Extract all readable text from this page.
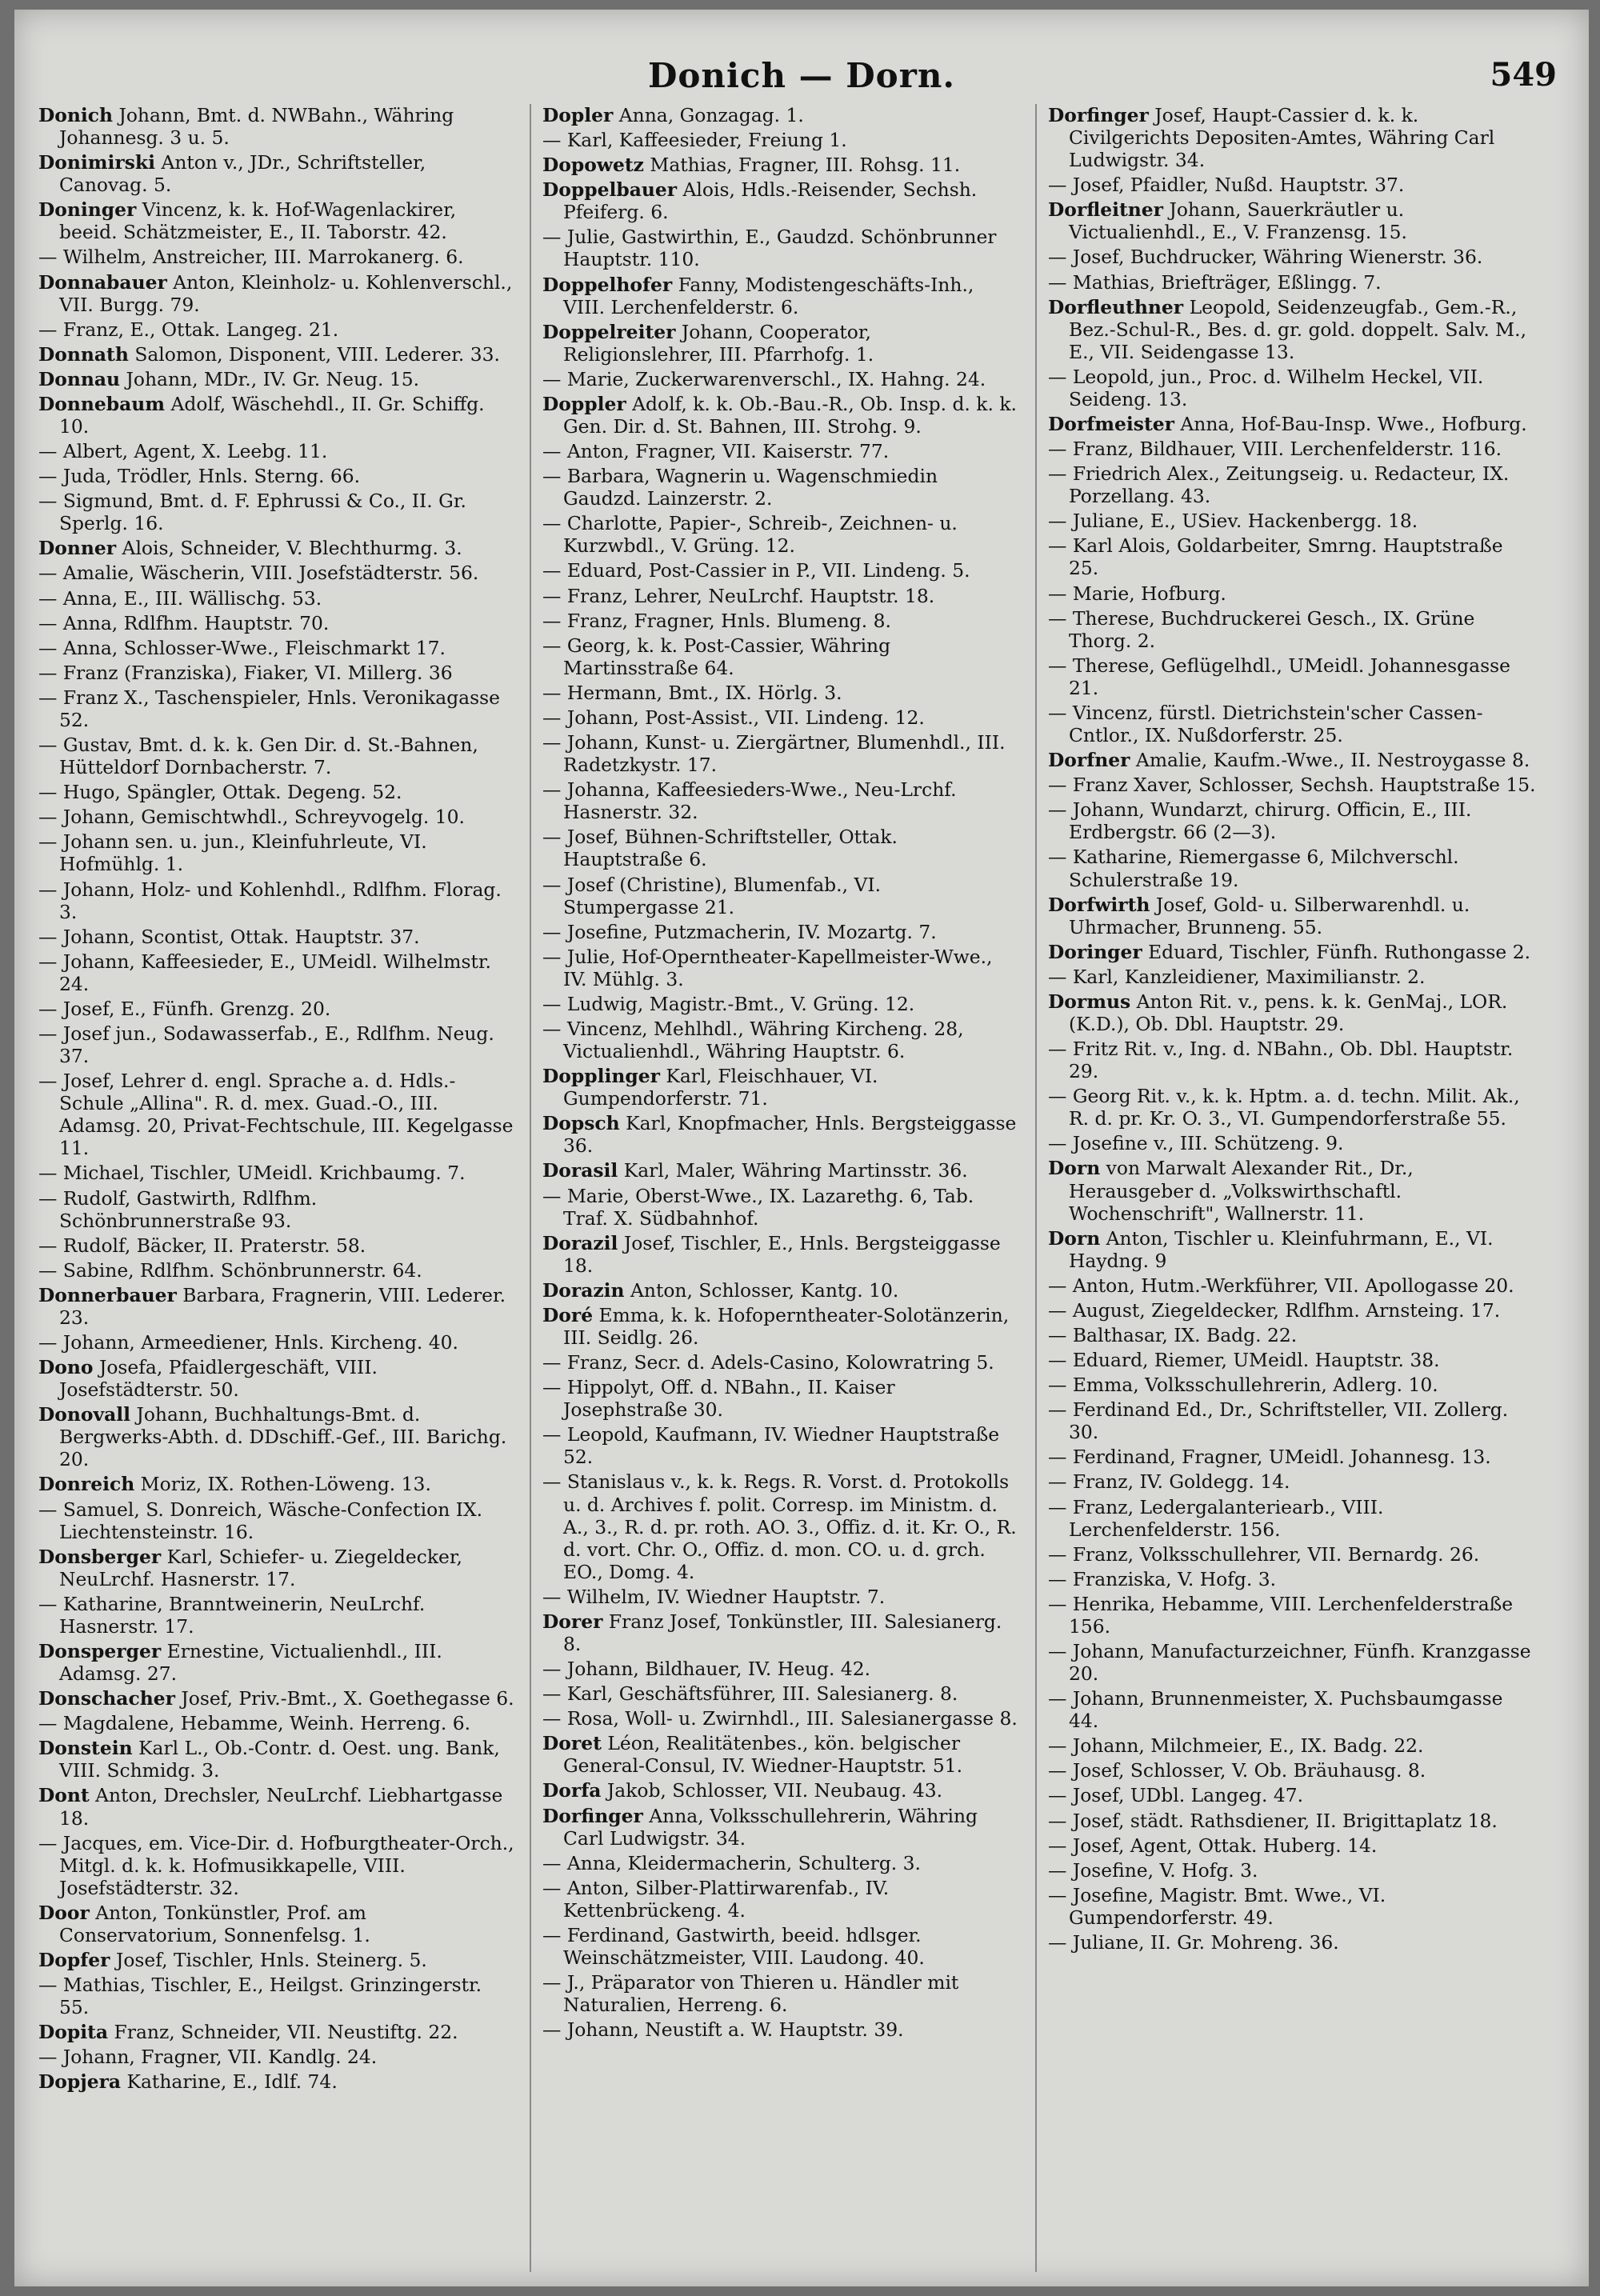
Donich — Dorn.	549
Donich Johann, Bmt. d. NWBahn., Währing Johannesg. 3 u. 5.
Donimirski Anton v., JDr., Schriftsteller, Canovag. 5.
Doninger Vincenz, k. k. Hof-Wagenlackirer, beeid. Schätzmeister, E., II. Taborstr. 42.
— Wilhelm, Anstreicher, III. Marrokanerg. 6.
Donnabauer Anton, Kleinholz- u. Kohlenverschl., VII. Burgg. 79.
— Franz, E., Ottak. Langeg. 21.
Donnath Salomon, Disponent, VIII. Lederer. 33.
Donnau Johann, MDr., IV. Gr. Neug. 15.
Donnebaum Adolf, Wäschehdl., II. Gr. Schiffg. 10.
— Albert, Agent, X. Leebg. 11.
— Juda, Trödler, Hnls. Sterng. 66.
— Sigmund, Bmt. d. F. Ephrussi & Co., II. Gr. Sperlg. 16.
Donner Alois, Schneider, V. Blechthurmg. 3.
— Amalie, Wäscherin, VIII. Josefstädterstr. 56.
— Anna, E., III. Wällischg. 53.
— Anna, Rdlfhm. Hauptstr. 70.
— Anna, Schlosser-Wwe., Fleischmarkt 17.
— Franz (Franziska), Fiaker, VI. Millerg. 36
— Franz X., Taschenspieler, Hnls. Veronikagasse 52.
— Gustav, Bmt. d. k. k. Gen Dir. d. St.-Bahnen, Hütteldorf Dornbacherstr. 7.
— Hugo, Spängler, Ottak. Degeng. 52.
— Johann, Gemischtwhdl., Schreyvogelg. 10.
— Johann sen. u. jun., Kleinfuhrleute, VI. Hofmühlg. 1.
— Johann, Holz- und Kohlenhdl., Rdlfhm. Florag. 3.
— Johann, Scontist, Ottak. Hauptstr. 37.
— Johann, Kaffeesieder, E., UMeidl. Wilhelmstr. 24.
— Josef, E., Fünfh. Grenzg. 20.
— Josef jun., Sodawasserfab., E., Rdlfhm. Neug. 37.
— Josef, Lehrer d. engl. Sprache a. d. Hdls.-Schule „Allina". R. d. mex. Guad.-O., III. Adamsg. 20, Privat-Fechtschule, III. Kegelgasse 11.
— Michael, Tischler, UMeidl. Krichbaumg. 7.
— Rudolf, Gastwirth, Rdlfhm. Schönbrunnerstraße 93.
— Rudolf, Bäcker, II. Praterstr. 58.
— Sabine, Rdlfhm. Schönbrunnerstr. 64.
Donnerbauer Barbara, Fragnerin, VIII. Lederer. 23.
— Johann, Armeediener, Hnls. Kircheng. 40.
Dono Josefa, Pfaidlergeschäft, VIII. Josefstädterstr. 50.
Donovall Johann, Buchhaltungs-Bmt. d. Bergwerks-Abth. d. DDschiff.-Gef., III. Barichg. 20.
Donreich Moriz, IX. Rothen-Löweng. 13.
— Samuel, S. Donreich, Wäsche-Confection IX. Liechtensteinstr. 16.
Donsberger Karl, Schiefer- u. Ziegeldecker, NeuLrchf. Hasnerstr. 17.
— Katharine, Branntweinerin, NeuLrchf. Hasnerstr. 17.
Donsperger Ernestine, Victualienhdl., III. Adamsg. 27.
Donschacher Josef, Priv.-Bmt., X. Goethegasse 6.
— Magdalene, Hebamme, Weinh. Herreng. 6.
Donstein Karl L., Ob.-Contr. d. Oest. ung. Bank, VIII. Schmidg. 3.
Dont Anton, Drechsler, NeuLrchf. Liebhartgasse 18.
— Jacques, em. Vice-Dir. d. Hofburgtheater-Orch., Mitgl. d. k. k. Hofmusikkapelle, VIII. Josefstädterstr. 32.
Door Anton, Tonkünstler, Prof. am Conservatorium, Sonnenfelsg. 1.
Dopfer Josef, Tischler, Hnls. Steinerg. 5.
— Mathias, Tischler, E., Heilgst. Grinzingerstr. 55.
Dopita Franz, Schneider, VII. Neustiftg. 22.
— Johann, Fragner, VII. Kandlg. 24.
Dopjera Katharine, E., Idlf. 74.
Dopler Anna, Gonzagag. 1.
— Karl, Kaffeesieder, Freiung 1.
Dopowetz Mathias, Fragner, III. Rohsg. 11.
Doppelbauer Alois, Hdls.-Reisender, Sechsh. Pfeiferg. 6.
— Julie, Gastwirthin, E., Gaudzd. Schönbrunner Hauptstr. 110.
Doppelhofer Fanny, Modistengeschäfts-Inh., VIII. Lerchenfelderstr. 6.
Doppelreiter Johann, Cooperator, Religionslehrer, III. Pfarrhofg. 1.
— Marie, Zuckerwarenverschl., IX. Hahng. 24.
Doppler Adolf, k. k. Ob.-Bau.-R., Ob. Insp. d. k. k. Gen. Dir. d. St. Bahnen, III. Strohg. 9.
— Anton, Fragner, VII. Kaiserstr. 77.
— Barbara, Wagnerin u. Wagenschmiedin Gaudzd. Lainzerstr. 2.
— Charlotte, Papier-, Schreib-, Zeichnen- u. Kurzwbdl., V. Grüng. 12.
— Eduard, Post-Cassier in P., VII. Lindeng. 5.
— Franz, Lehrer, NeuLrchf. Hauptstr. 18.
— Franz, Fragner, Hnls. Blumeng. 8.
— Georg, k. k. Post-Cassier, Währing Martinsstraße 64.
— Hermann, Bmt., IX. Hörlg. 3.
— Johann, Post-Assist., VII. Lindeng. 12.
— Johann, Kunst- u. Ziergärtner, Blumenhdl., III. Radetzkystr. 17.
— Johanna, Kaffeesieders-Wwe., Neu-Lrchf. Hasnerstr. 32.
— Josef, Bühnen-Schriftsteller, Ottak. Hauptstraße 6.
— Josef (Christine), Blumenfab., VI. Stumpergasse 21.
— Josefine, Putzmacherin, IV. Mozartg. 7.
— Julie, Hof-Operntheater-Kapellmeister-Wwe., IV. Mühlg. 3.
— Ludwig, Magistr.-Bmt., V. Grüng. 12.
— Vincenz, Mehlhdl., Währing Kircheng. 28, Victualienhdl., Währing Hauptstr. 6.
Dopplinger Karl, Fleischhauer, VI. Gumpendorferstr. 71.
Dopsch Karl, Knopfmacher, Hnls. Bergsteiggasse 36.
Dorasil Karl, Maler, Währing Martinsstr. 36.
— Marie, Oberst-Wwe., IX. Lazarethg. 6, Tab. Traf. X. Südbahnhof.
Dorazil Josef, Tischler, E., Hnls. Bergsteiggasse 18.
Dorazin Anton, Schlosser, Kantg. 10.
Doré Emma, k. k. Hofoperntheater-Solotänzerin, III. Seidlg. 26.
— Franz, Secr. d. Adels-Casino, Kolowratring 5.
— Hippolyt, Off. d. NBahn., II. Kaiser Josephstraße 30.
— Leopold, Kaufmann, IV. Wiedner Hauptstraße 52.
— Stanislaus v., k. k. Regs. R. Vorst. d. Protokolls u. d. Archives f. polit. Corresp. im Ministm. d. A., 3., R. d. pr. roth. AO. 3., Offiz. d. it. Kr. O., R. d. vort. Chr. O., Offiz. d. mon. CO. u. d. grch. EO., Domg. 4.
— Wilhelm, IV. Wiedner Hauptstr. 7.
Dorer Franz Josef, Tonkünstler, III. Salesianerg. 8.
— Johann, Bildhauer, IV. Heug. 42.
— Karl, Geschäftsführer, III. Salesianerg. 8.
— Rosa, Woll- u. Zwirnhdl., III. Salesianergasse 8.
Doret Léon, Realitätenbes., kön. belgischer General-Consul, IV. Wiedner-Hauptstr. 51.
Dorfa Jakob, Schlosser, VII. Neubaug. 43.
Dorfinger Anna, Volksschullehrerin, Währing Carl Ludwigstr. 34.
— Anna, Kleidermacherin, Schulterg. 3.
— Anton, Silber-Plattirwarenfab., IV. Kettenbrückeng. 4.
— Ferdinand, Gastwirth, beeid. hdlsger. Weinschätzmeister, VIII. Laudong. 40.
— J., Präparator von Thieren u. Händler mit Naturalien, Herreng. 6.
— Johann, Neustift a. W. Hauptstr. 39.
Dorfinger Josef, Haupt-Cassier d. k. k. Civilgerichts Depositen-Amtes, Währing Carl Ludwigstr. 34.
— Josef, Pfaidler, Nußd. Hauptstr. 37.
Dorfleitner Johann, Sauerkräutler u. Victualienhdl., E., V. Franzensg. 15.
— Josef, Buchdrucker, Währing Wienerstr. 36.
— Mathias, Briefträger, Eßlingg. 7.
Dorfleuthner Leopold, Seidenzeugfab., Gem.-R., Bez.-Schul-R., Bes. d. gr. gold. doppelt. Salv. M., E., VII. Seidengasse 13.
— Leopold, jun., Proc. d. Wilhelm Heckel, VII. Seideng. 13.
Dorfmeister Anna, Hof-Bau-Insp. Wwe., Hofburg.
— Franz, Bildhauer, VIII. Lerchenfelderstr. 116.
— Friedrich Alex., Zeitungseig. u. Redacteur, IX. Porzellang. 43.
— Juliane, E., USiev. Hackenbergg. 18.
— Karl Alois, Goldarbeiter, Smrng. Hauptstraße 25.
— Marie, Hofburg.
— Therese, Buchdruckerei Gesch., IX. Grüne Thorg. 2.
— Therese, Geflügelhdl., UMeidl. Johannesgasse 21.
— Vincenz, fürstl. Dietrichstein'scher Cassen-Cntlor., IX. Nußdorferstr. 25.
Dorfner Amalie, Kaufm.-Wwe., II. Nestroygasse 8.
— Franz Xaver, Schlosser, Sechsh. Hauptstraße 15.
— Johann, Wundarzt, chirurg. Officin, E., III. Erdbergstr. 66 (2—3).
— Katharine, Riemergasse 6, Milchverschl. Schulerstraße 19.
Dorfwirth Josef, Gold- u. Silberwarenhdl. u. Uhrmacher, Brunneng. 55.
Doringer Eduard, Tischler, Fünfh. Ruthongasse 2.
— Karl, Kanzleidiener, Maximilianstr. 2.
Dormus Anton Rit. v., pens. k. k. GenMaj., LOR. (K.D.), Ob. Dbl. Hauptstr. 29.
— Fritz Rit. v., Ing. d. NBahn., Ob. Dbl. Hauptstr. 29.
— Georg Rit. v., k. k. Hptm. a. d. techn. Milit. Ak., R. d. pr. Kr. O. 3., VI. Gumpendorferstraße 55.
— Josefine v., III. Schützeng. 9.
Dorn von Marwalt Alexander Rit., Dr., Herausgeber d. „Volkswirthschaftl. Wochenschrift", Wallnerstr. 11.
Dorn Anton, Tischler u. Kleinfuhrmann, E., VI. Haydng. 9
— Anton, Hutm.-Werkführer, VII. Apollogasse 20.
— August, Ziegeldecker, Rdlfhm. Arnsteing. 17.
— Balthasar, IX. Badg. 22.
— Eduard, Riemer, UMeidl. Hauptstr. 38.
— Emma, Volksschullehrerin, Adlerg. 10.
— Ferdinand Ed., Dr., Schriftsteller, VII. Zollerg. 30.
— Ferdinand, Fragner, UMeidl. Johannesg. 13.
— Franz, IV. Goldegg. 14.
— Franz, Ledergalanteriearb., VIII. Lerchenfelderstr. 156.
— Franz, Volksschullehrer, VII. Bernardg. 26.
— Franziska, V. Hofg. 3.
— Henrika, Hebamme, VIII. Lerchenfelderstraße 156.
— Johann, Manufacturzeichner, Fünfh. Kranzgasse 20.
— Johann, Brunnenmeister, X. Puchsbaumgasse 44.
— Johann, Milchmeier, E., IX. Badg. 22.
— Josef, Schlosser, V. Ob. Bräuhausg. 8.
— Josef, UDbl. Langeg. 47.
— Josef, städt. Rathsdiener, II. Brigittaplatz 18.
— Josef, Agent, Ottak. Huberg. 14.
— Josefine, V. Hofg. 3.
— Josefine, Magistr. Bmt. Wwe., VI. Gumpendorferstr. 49.
— Juliane, II. Gr. Mohreng. 36.
